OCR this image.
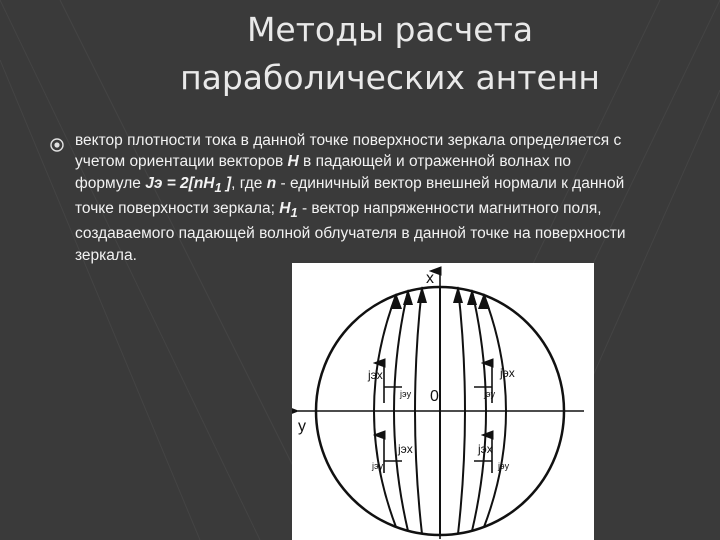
Методы расчета
параболических антенн
вектор плотности тока в данной точке поверхности зеркала определяется с учетом ориентации векторов H в падающей и отраженной волнах по формуле Jэ = $2[nH_1$ ], где n - единичный вектор внешней нормали к данной точке поверхности зеркала; $H_1$ - вектор напряженности магнитного поля, создаваемого падающей волной облучателя в данной точке на поверхности зеркала.
x
y
0
jэx
jэy
jэx
jэy
jэx
jэy
jэx
jэy
